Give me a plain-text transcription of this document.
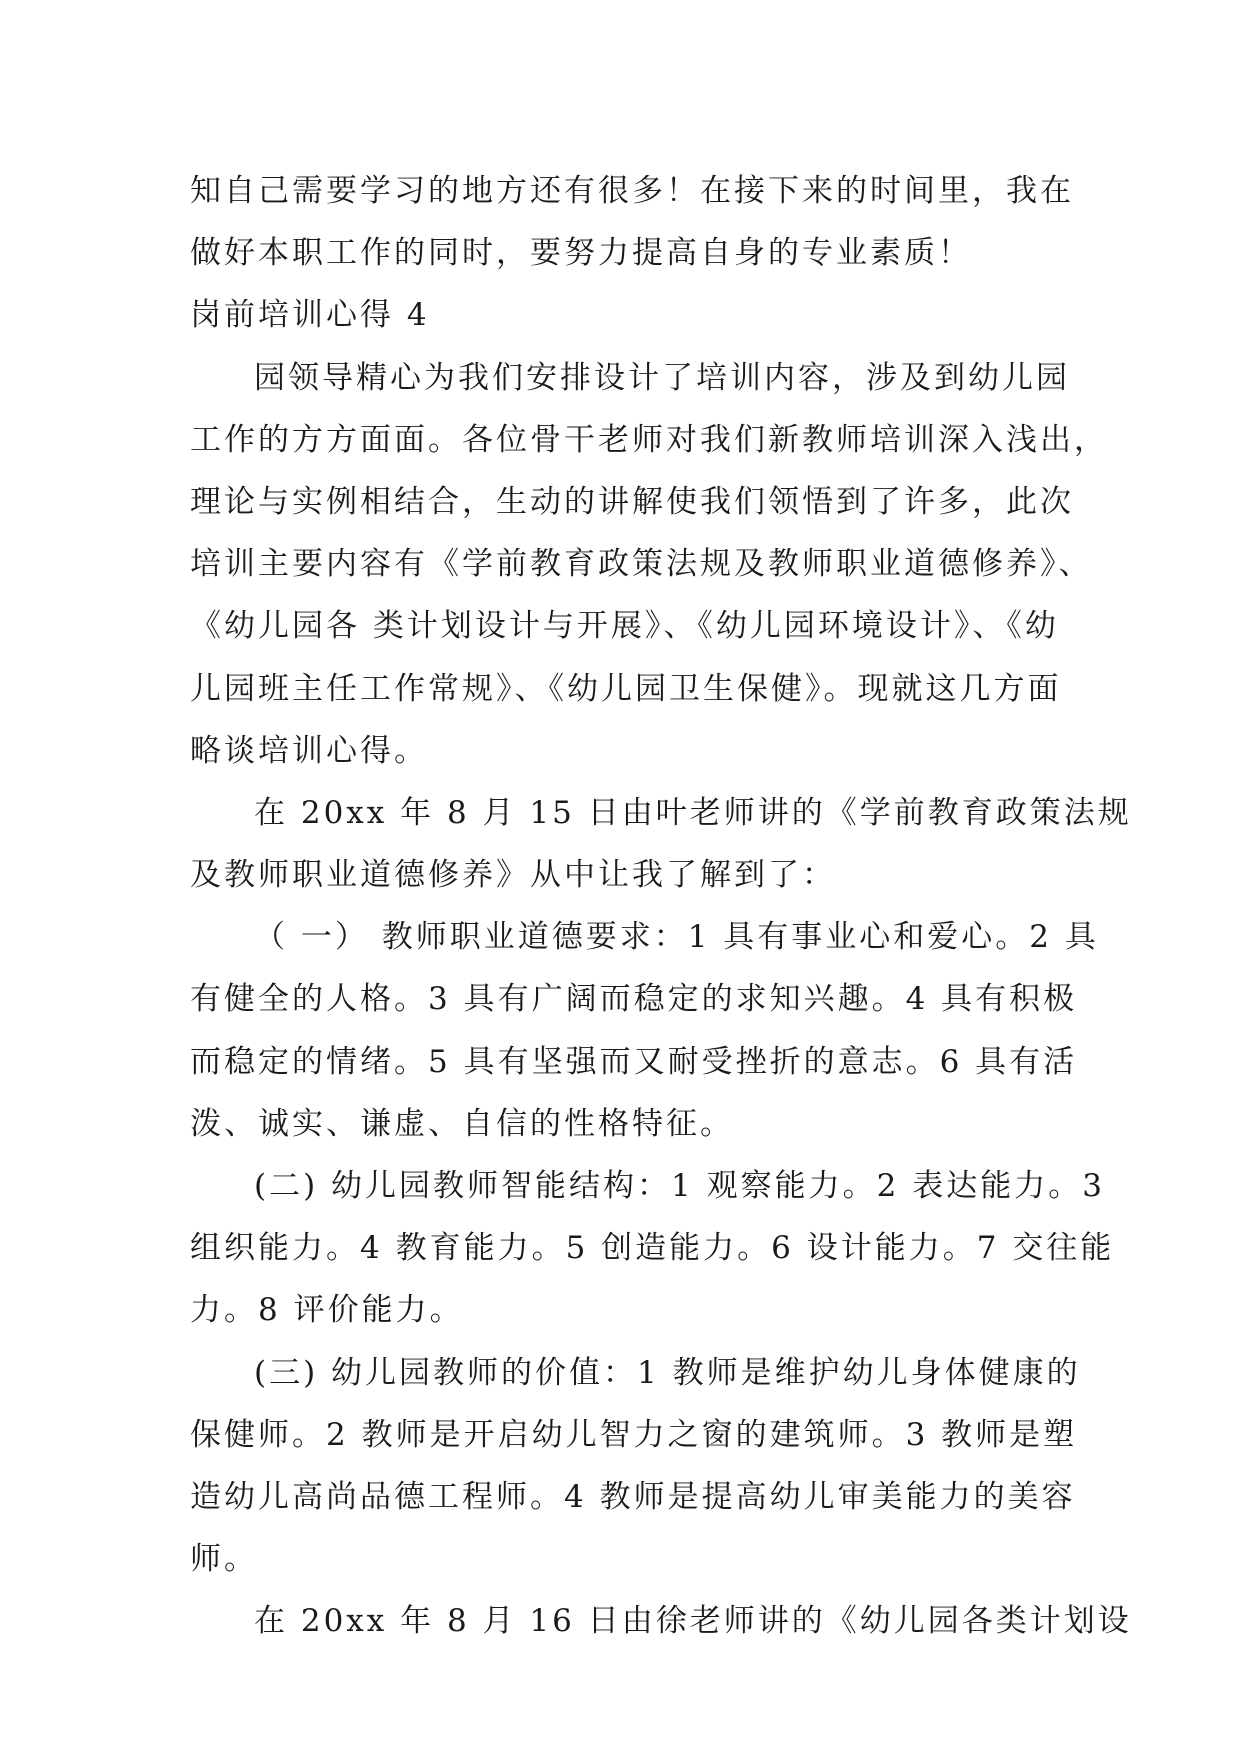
知自己需要学习的地方还有很多！在接下来的时间里，我在
做好本职工作的同时，要努力提高自身的专业素质！
岗前培训心得 4
园领导精心为我们安排设计了培训内容，涉及到幼儿园
工作的方方面面。各位骨干老师对我们新教师培训深入浅出，
理论与实例相结合，生动的讲解使我们领悟到了许多，此次
培训主要内容有《学前教育政策法规及教师职业道德修养》、
《幼儿园各 类计划设计与开展》、《幼儿园环境设计》、《幼
儿园班主任工作常规》、《幼儿园卫生保健》。现就这几方面
略谈培训心得。
在 20xx 年 8 月 15 日由叶老师讲的《学前教育政策法规
及教师职业道德修养》从中让我了解到了：
（ 一） 教师职业道德要求：1 具有事业心和爱心。2 具
有健全的人格。3 具有广阔而稳定的求知兴趣。4 具有积极
而稳定的情绪。5 具有坚强而又耐受挫折的意志。6 具有活
泼、诚实、谦虚、自信的性格特征。
(二) 幼儿园教师智能结构：1 观察能力。2 表达能力。3
组织能力。4 教育能力。5 创造能力。6 设计能力。7 交往能
力。8 评价能力。
(三) 幼儿园教师的价值：1 教师是维护幼儿身体健康的
保健师。2 教师是开启幼儿智力之窗的建筑师。3 教师是塑
造幼儿高尚品德工程师。4 教师是提高幼儿审美能力的美容
师。
在 20xx 年 8 月 16 日由徐老师讲的《幼儿园各类计划设
